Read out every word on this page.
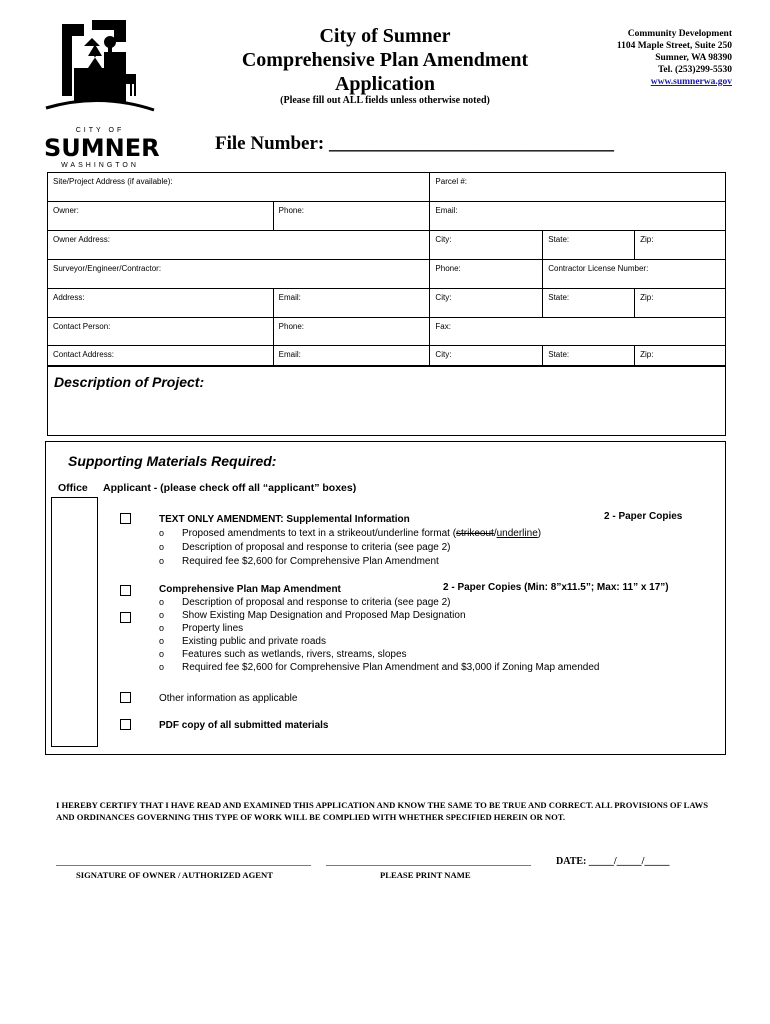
CITY OF
SUMNER
WASHINGTON
City of Sumner
Comprehensive Plan Amendment
Application
(Please fill out ALL fields unless otherwise noted)
Community Development
1104 Maple Street, Suite 250
Sumner, WA 98390
Tel. (253)299-5530
www.sumnerwa.gov
File Number: ______________________________
Site/Project Address (if available):		Parcel #:		
Owner:	Phone:	Email:		
Owner Address:		City:	State:	Zip:
Surveyor/Engineer/Contractor:		Phone:	Contractor License Number:	
Address:	Email:	City:	State:	Zip:
Contact Person:	Phone:	Fax:		
Contact Address:	Email:	City:	State:	Zip:
Description of Project:
Supporting Materials Required:
Office Applicant - (please check off all “applicant” boxes)
TEXT ONLY AMENDMENT: Supplemental Information	2 - Paper Copies
o Proposed amendments to text in a strikeout/underline format (strikeout/underline)
o Description of proposal and response to criteria (see page 2)
o Required fee $2,600 for Comprehensive Plan Amendment
Comprehensive Plan Map Amendment	2 - Paper Copies (Min: 8”x11.5”; Max: 11” x 17”)
o Description of proposal and response to criteria (see page 2)
o Show Existing Map Designation and Proposed Map Designation
o Property lines
o Existing public and private roads
o Features such as wetlands, rivers, streams, slopes
o Required fee $2,600 for Comprehensive Plan Amendment and $3,000 if Zoning Map amended
Other information as applicable
PDF copy of all submitted materials
I HEREBY CERTIFY THAT I HAVE READ AND EXAMINED THIS APPLICATION AND KNOW THE SAME TO BE TRUE AND CORRECT. ALL PROVISIONS OF LAWS AND ORDINANCES GOVERNING THIS TYPE OF WORK WILL BE COMPLIED WITH WHETHER SPECIFIED HEREIN OR NOT.
___________________________________________________ _________________________________________	DATE: _____/_____/_____
SIGNATURE OF OWNER / AUTHORIZED AGENT	PLEASE PRINT NAME
